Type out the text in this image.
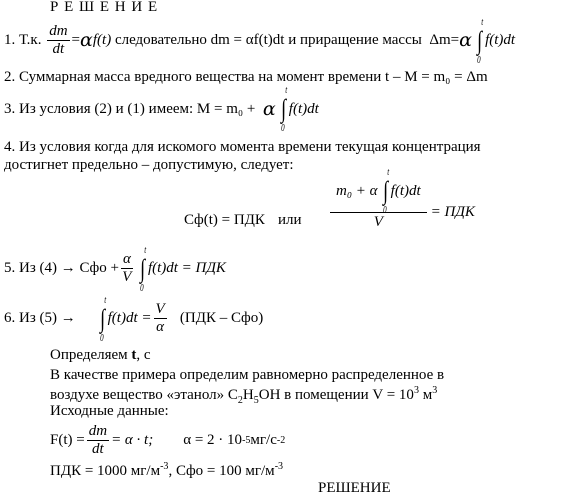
Р Е Ш Е Н И Е
1.
Т.к.
$\frac{dm}{dt} = \alpha$ f(t)
следовательно dm = αf(t)dt и приращение массы
Δm= α ∫
t
0
f(t)dt
2. Суммарная масса вредного вещества на момент времени t – M = m₀ = Δm
3. Из условия (2) и (1) имеем: M = m₀ +
α ∫
t
0
f(t)dt
4. Из условия когда для искомого момента времени текущая концентрация
достигнет предельно – допустимую, следует:
Cф(t) = ПДК или m₀ + α ∫
t
0
f(t)dt
V = ПДК
5. Из (4) → Cфо + $\frac{\alpha}{V}$ ∫
t
0
f(t)dt = ПДК
6. Из (5) →
∫
t
0
$f(t)dt = \frac{V}{\alpha}$
(ПДК – Cфо)
Определяем t, c
В качестве примера определим равномерно распределенное в
воздухе вещество «этанол» $C_2H_5OH$ в помещении $V = 10^3$ $м^3$
Исходные данные:
$F(t) = \frac{dm}{dt} = \alpha \cdot t$;
α = 2 · 10 -5 мг/с -2
ПДК = 1000 $мг/м^{-3}$, Cфо = 100 $мг/м^{-3}$
РЕШЕНИЕ
